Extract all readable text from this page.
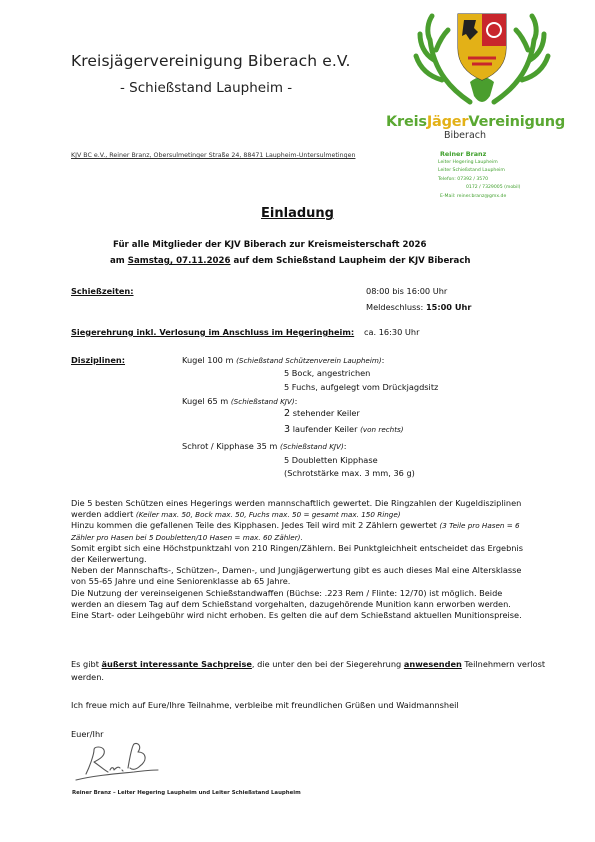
Kreisjägervereinigung Biberach e.V.
- Schießstand Laupheim -
KreisJägerVereinigung
Biberach
KJV BC e.V., Reiner Branz, Obersulmetinger Straße 24, 88471 Laupheim-Untersulmetingen	Reiner Branz
Leiter Hegering Laupheim
Leiter Schießstand Laupheim
Telefon: 07392 / 3570
0172 / 7329005 (mobil)
E-Mail: reiner.branz@gmx.de
Einladung
Für alle Mitglieder der KJV Biberach zur Kreismeisterschaft 2026
am Samstag, 07.11.2026 auf dem Schießstand Laupheim der KJV Biberach
Schießzeiten:	08:00 bis 16:00 Uhr
Meldeschluss: 15:00 Uhr
Siegerehrung inkl. Verlosung im Anschluss im Hegeringheim: ca. 16:30 Uhr
Disziplinen:	Kugel 100 m (Schießstand Schützenverein Laupheim):
5 Bock, angestrichen
5 Fuchs, aufgelegt vom Drückjagdsitz
Kugel 65 m (Schießstand KJV):
2 stehender Keiler
3 laufender Keiler (von rechts)
Schrot / Kipphase 35 m (Schießstand KJV):
5 Doubletten Kipphase
(Schrotstärke max. 3 mm, 36 g)
Die 5 besten Schützen eines Hegerings werden mannschaftlich gewertet. Die Ringzahlen der Kugeldisziplinen
werden addiert (Keiler max. 50, Bock max. 50, Fuchs max. 50 = gesamt max. 150 Ringe)
Hinzu kommen die gefallenen Teile des Kipphasen. Jedes Teil wird mit 2 Zählern gewertet (3 Teile pro Hasen = 6
Zähler pro Hasen bei 5 Doubletten/10 Hasen = max. 60 Zähler).
Somit ergibt sich eine Höchstpunktzahl von 210 Ringen/Zählern. Bei Punktgleichheit entscheidet das Ergebnis
der Keilerwertung.
Neben der Mannschafts-, Schützen-, Damen-, und Jungjägerwertung gibt es auch dieses Mal eine Altersklasse
von 55-65 Jahre und eine Seniorenklasse ab 65 Jahre.
Die Nutzung der vereinseigenen Schießstandwaffen (Büchse: .223 Rem / Flinte: 12/70) ist möglich. Beide
werden an diesem Tag auf dem Schießstand vorgehalten, dazugehörende Munition kann erworben werden.
Eine Start- oder Leihgebühr wird nicht erhoben. Es gelten die auf dem Schießstand aktuellen Munitionspreise.
Es gibt äußerst interessante Sachpreise, die unter den bei der Siegerehrung anwesenden Teilnehmern verlost
werden.
Ich freue mich auf Eure/Ihre Teilnahme, verbleibe mit freundlichen Grüßen und Waidmannsheil
Euer/Ihr
Reiner Branz – Leiter Hegering Laupheim und Leiter Schießstand Laupheim
